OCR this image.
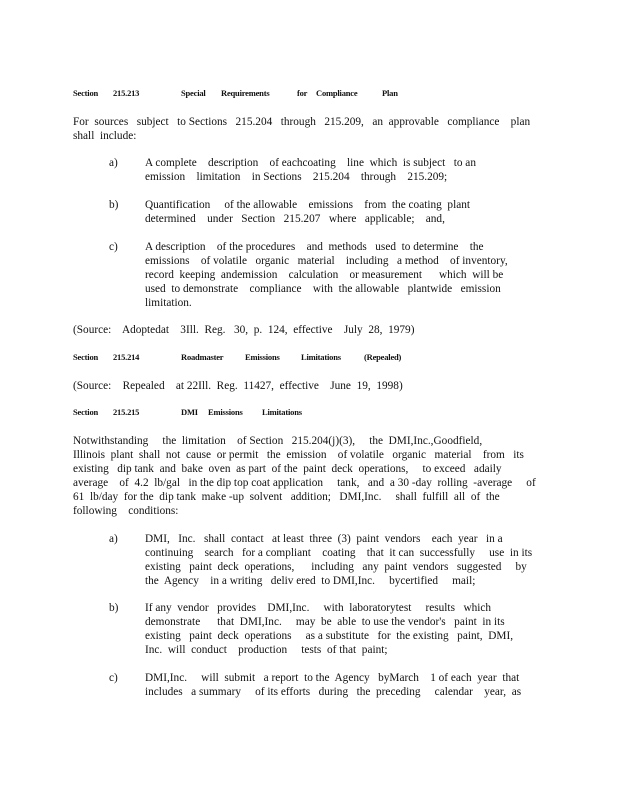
Section 215.213	Special Requirements	for Compliance	Plan
For  sources   subject   to Sections   215.204   through   215.209,   an  approvable   compliance    plan
shall  include:
a) A complete    description    of eachcoating    line  which  is subject   to an
emission    limitation    in Sections    215.204    through    215.209;
b) Quantification     of the allowable    emissions    from  the coating  plant
determined    under   Section   215.207   where   applicable;    and,
c) A description    of the procedures    and  methods   used  to determine    the
emissions    of volatile   organic   material    including   a method    of inventory,
record  keeping  andemission    calculation    or measurement      which  will be
used  to demonstrate    compliance    with  the allowable   plantwide   emission
limitation.
(Source:    Adoptedat    3Ill.  Reg.   30,  p.  124,  effective    July  28,  1979)
Section 215.214	Roadmaster	Emissions	Limitations	(Repealed)
(Source:    Repealed    at 22Ill.  Reg.  11427,  effective    June  19,  1998)
Section 215.215	DMI Emissions Limitations
Notwithstanding     the  limitation    of Section   215.204(j)(3),     the  DMI,Inc.,Goodfield,
Illinois  plant  shall  not  cause  or permit   the  emission    of volatile   organic   material    from   its
existing   dip tank  and  bake  oven  as part  of the  paint  deck  operations,     to exceed   adaily
average    of  4.2  lb/gal   in the dip top coat application     tank,   and  a 30 -day  rolling  -average     of
61  lb/day  for the  dip tank  make -up  solvent   addition;   DMI,Inc.     shall  fulfill  all  of  the
following    conditions:
a) DMI,   Inc.   shall  contact   at least  three  (3)  paint  vendors    each  year   in a
continuing    search   for a compliant    coating    that  it can  successfully     use  in its
existing   paint  deck  operations,      including   any  paint  vendors   suggested     by
the  Agency    in a writing   deliv ered  to DMI,Inc.     bycertified     mail;
b) If any  vendor   provides    DMI,Inc.     with  laboratorytest     results   which
demonstrate      that  DMI,Inc.     may  be  able  to use the vendor's   paint  in its
existing   paint  deck  operations     as a substitute   for  the existing   paint,  DMI,
Inc.  will  conduct    production     tests  of that  paint;
c) DMI,Inc.     will  submit   a report  to the  Agency   byMarch    1 of each  year  that
includes   a summary     of its efforts   during   the  preceding     calendar    year,  as
